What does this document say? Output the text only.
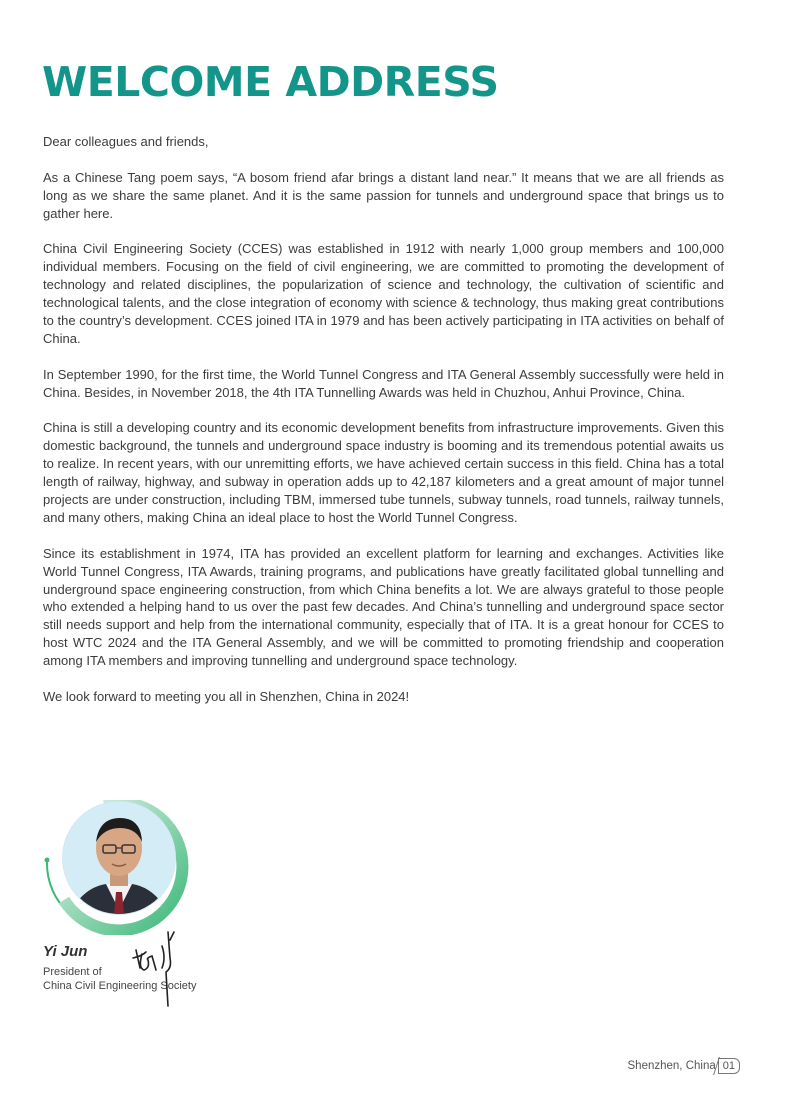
WELCOME ADDRESS

Dear colleagues and friends,

As a Chinese Tang poem says, “A bosom friend afar brings a distant land near.” It means that we are all friends as long as we share the same planet. And it is the same passion for tunnels and underground space that brings us to gather here.

China Civil Engineering Society (CCES) was established in 1912 with nearly 1,000 group members and 100,000 individual members. Focusing on the field of civil engineering, we are committed to promoting the development of technology and related disciplines, the popularization of science and technology, the cultivation of scientific and technological talents, and the close integration of economy with science & technology, thus making great contributions to the country’s development. CCES joined ITA in 1979 and has been actively participating in ITA activities on behalf of China.

In September 1990, for the first time, the World Tunnel Congress and ITA General Assembly successfully were held in China. Besides, in November 2018, the 4th ITA Tunnelling Awards was held in Chuzhou, Anhui Province, China.

China is still a developing country and its economic development benefits from infrastructure improvements. Given this domestic background, the tunnels and underground space industry is booming and its tremendous potential awaits us to realize. In recent years, with our unremitting efforts, we have achieved certain success in this field. China has a total length of railway, highway, and subway in operation adds up to 42,187 kilometers and a great amount of major tunnel projects are under construction, including TBM, immersed tube tunnels, subway tunnels, road tunnels, railway tunnels, and many others, making China an ideal place to host the World Tunnel Congress.

Since its establishment in 1974, ITA has provided an excellent platform for learning and exchanges. Activities like World Tunnel Congress, ITA Awards, training programs, and publications have greatly facilitated global tunnelling and underground space engineering construction, from which China benefits a lot. We are always grateful to those people who extended a helping hand to us over the past few decades. And China’s tunnelling and underground space sector still needs support and help from the international community, especially that of ITA. It is a great honour for CCES to host WTC 2024 and the ITA General Assembly, and we will be committed to promoting friendship and cooperation among ITA members and improving tunnelling and underground space technology.

We look forward to meeting you all in Shenzhen, China in 2024!

Yi Jun
President of
China Civil Engineering Society
Shenzhen, China 01
